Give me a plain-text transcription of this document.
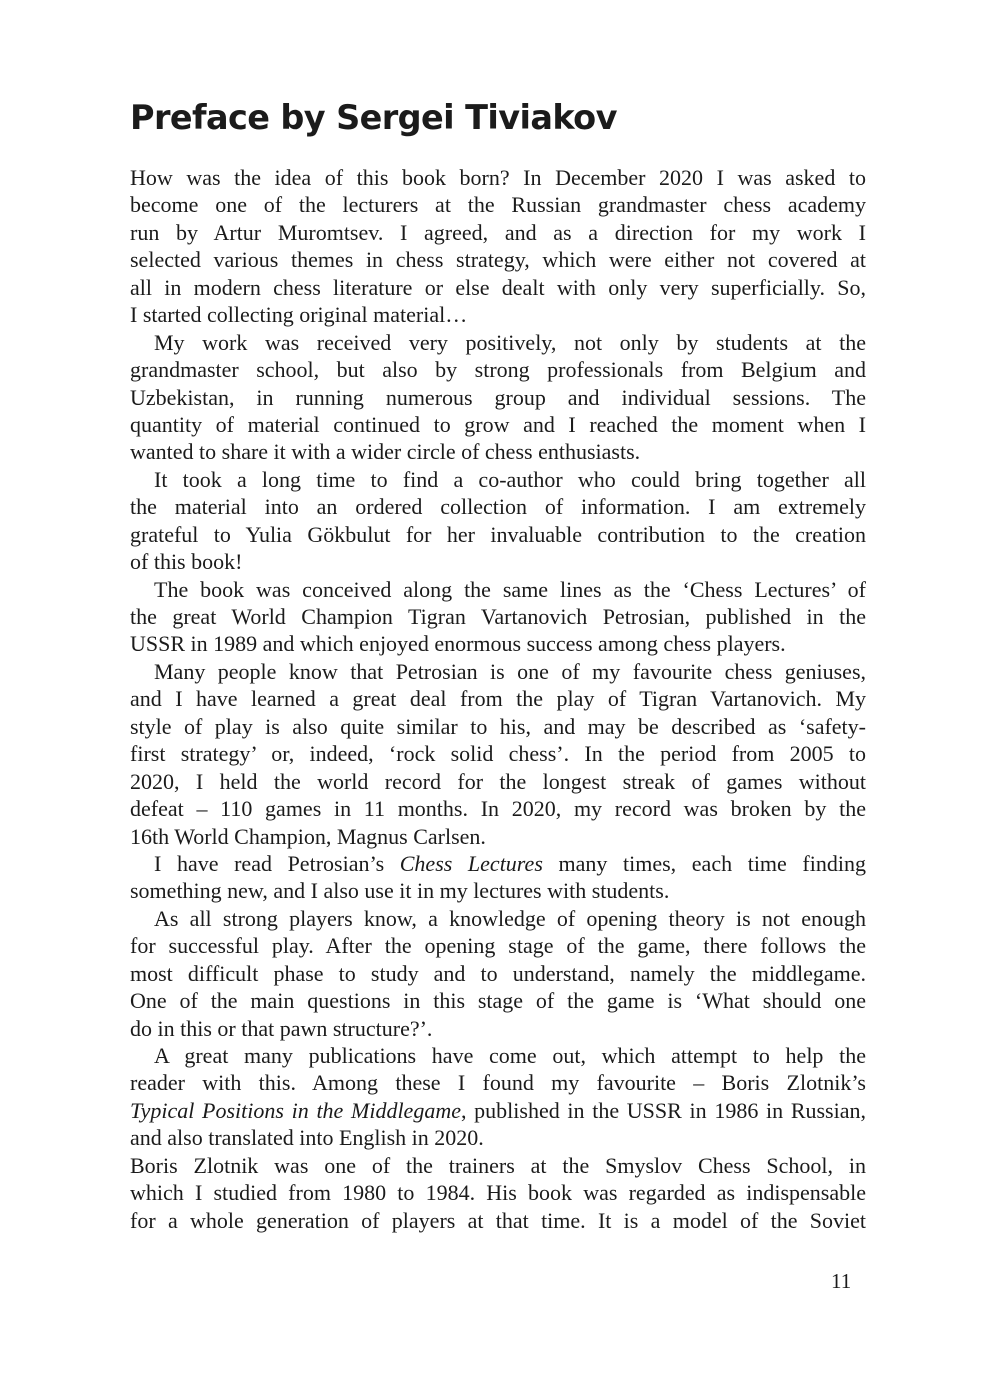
Preface by Sergei Tiviakov
How was the idea of this book born? In December 2020 I was asked to
become one of the lecturers at the Russian grandmaster chess academy
run by Artur Muromtsev. I agreed, and as a direction for my work I
selected various themes in chess strategy, which were either not covered at
all in modern chess literature or else dealt with only very superficially. So,
I started collecting original material…
My work was received very positively, not only by students at the
grandmaster school, but also by strong professionals from Belgium and
Uzbekistan, in running numerous group and individual sessions. The
quantity of material continued to grow and I reached the moment when I
wanted to share it with a wider circle of chess enthusiasts.
It took a long time to find a co-author who could bring together all
the material into an ordered collection of information. I am extremely
grateful to Yulia Gökbulut for her invaluable contribution to the creation
of this book!
The book was conceived along the same lines as the ‘Chess Lectures’ of
the great World Champion Tigran Vartanovich Petrosian, published in the
USSR in 1989 and which enjoyed enormous success among chess players.
Many people know that Petrosian is one of my favourite chess geniuses,
and I have learned a great deal from the play of Tigran Vartanovich. My
style of play is also quite similar to his, and may be described as ‘safety-
first strategy’ or, indeed, ‘rock solid chess’. In the period from 2005 to
2020, I held the world record for the longest streak of games without
defeat – 110 games in 11 months. In 2020, my record was broken by the
16th World Champion, Magnus Carlsen.
I have read Petrosian’s Chess Lectures many times, each time finding
something new, and I also use it in my lectures with students.
As all strong players know, a knowledge of opening theory is not enough
for successful play. After the opening stage of the game, there follows the
most difficult phase to study and to understand, namely the middlegame.
One of the main questions in this stage of the game is ‘What should one
do in this or that pawn structure?’.
A great many publications have come out, which attempt to help the
reader with this. Among these I found my favourite – Boris Zlotnik’s
Typical Positions in the Middlegame, published in the USSR in 1986 in Russian,
and also translated into English in 2020.
Boris Zlotnik was one of the trainers at the Smyslov Chess School, in
which I studied from 1980 to 1984. His book was regarded as indispensable
for a whole generation of players at that time. It is a model of the Soviet
11
